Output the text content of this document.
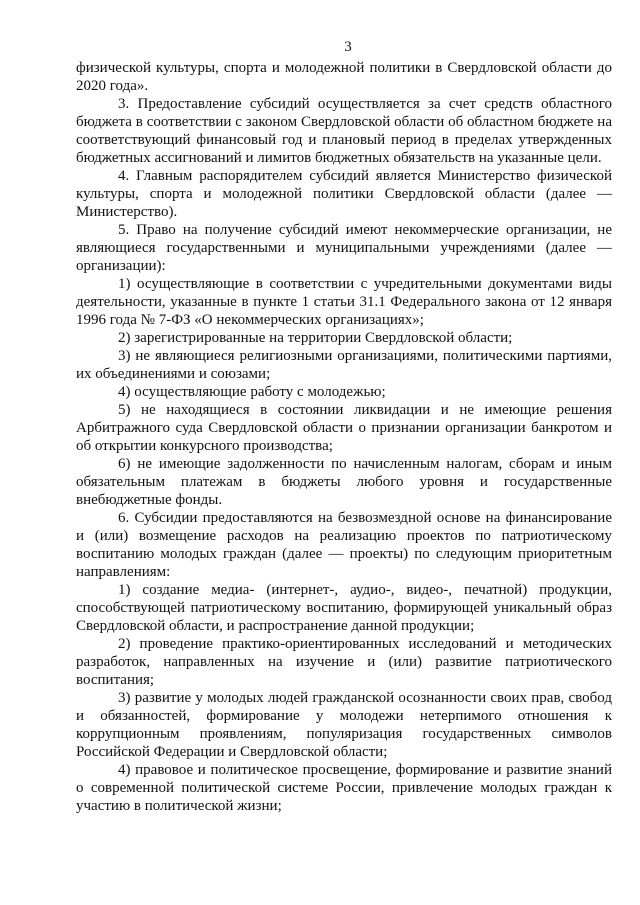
3

физической культуры, спорта и молодежной политики в Свердловской области до 2020 года».

3. Предоставление субсидий осуществляется за счет средств областного бюджета в соответствии с законом Свердловской области об областном бюджете на соответствующий финансовый год и плановый период в пределах утвержденных бюджетных ассигнований и лимитов бюджетных обязательств на указанные цели.

4. Главным распорядителем субсидий является Министерство физической культуры, спорта и молодежной политики Свердловской области (далее — Министерство).

5. Право на получение субсидий имеют некоммерческие организации, не являющиеся государственными и муниципальными учреждениями (далее — организации):

1) осуществляющие в соответствии с учредительными документами виды деятельности, указанные в пункте 1 статьи 31.1 Федерального закона от 12 января 1996 года № 7-ФЗ «О некоммерческих организациях»;

2) зарегистрированные на территории Свердловской области;

3) не являющиеся религиозными организациями, политическими партиями, их объединениями и союзами;

4) осуществляющие работу с молодежью;

5) не находящиеся в состоянии ликвидации и не имеющие решения Арбитражного суда Свердловской области о признании организации банкротом и об открытии конкурсного производства;

6) не имеющие задолженности по начисленным налогам, сборам и иным обязательным платежам в бюджеты любого уровня и государственные внебюджетные фонды.

6. Субсидии предоставляются на безвозмездной основе на финансирование и (или) возмещение расходов на реализацию проектов по патриотическому воспитанию молодых граждан (далее — проекты) по следующим приоритетным направлениям:

1) создание медиа- (интернет-, аудио-, видео-, печатной) продукции, способствующей патриотическому воспитанию, формирующей уникальный образ Свердловской области, и распространение данной продукции;

2) проведение практико-ориентированных исследований и методических разработок, направленных на изучение и (или) развитие патриотического воспитания;

3) развитие у молодых людей гражданской осознанности своих прав, свобод и обязанностей, формирование у молодежи нетерпимого отношения к коррупционным проявлениям, популяризация государственных символов Российской Федерации и Свердловской области;

4) правовое и политическое просвещение, формирование и развитие знаний о современной политической системе России, привлечение молодых граждан к участию в политической жизни;
